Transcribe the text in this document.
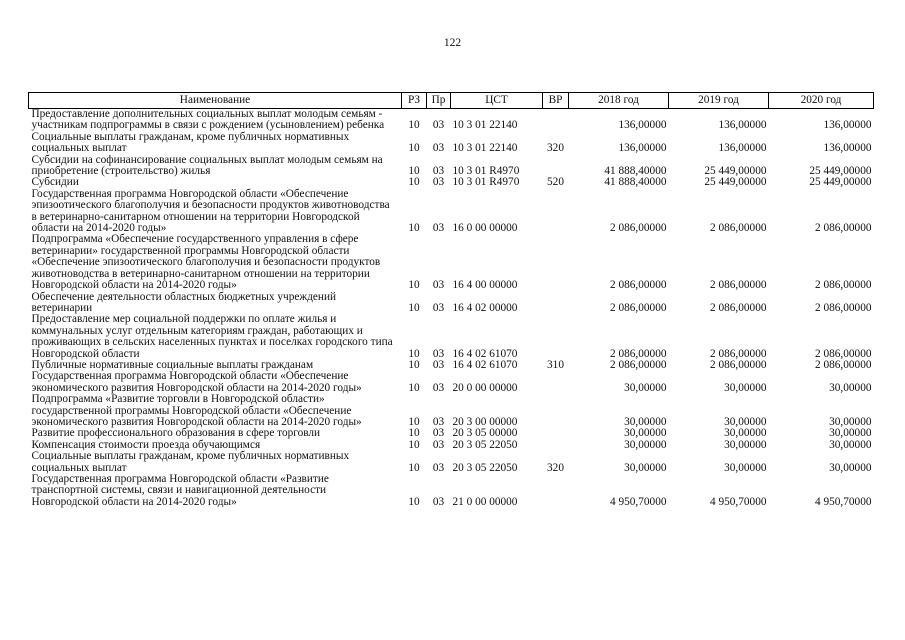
122
Наименование	РЗ	Пр	ЦСТ	ВР	2018 год	2019 год	2020 год
Предоставление дополнительных социальных выплат молодым семьям - участникам подпрограммы в связи с рождением (усыновлением) ребенка	10	03	10 3 01 22140		136,00000	136,00000	136,00000
Социальные выплаты гражданам, кроме публичных нормативных социальных выплат	10	03	10 3 01 22140	320	136,00000	136,00000	136,00000
Субсидии на софинансирование социальных выплат молодым семьям на приобретение (строительство) жилья	10	03	10 3 01 R4970		41 888,40000	25 449,00000	25 449,00000
Субсидии	10	03	10 3 01 R4970	520	41 888,40000	25 449,00000	25 449,00000
Государственная программа Новгородской области «Обеспечение эпизоотического благополучия и безопасности продуктов животноводства в ветеринарно-санитарном отношении на территории Новгородской области на 2014-2020 годы»	10	03	16 0 00 00000		2 086,00000	2 086,00000	2 086,00000
Подпрограмма «Обеспечение государственного управления в сфере ветеринарии» государственной программы Новгородской области «Обеспечение эпизоотического благополучия и безопасности продуктов животноводства в ветеринарно-санитарном отношении на территории Новгородской области на 2014-2020 годы»	10	03	16 4 00 00000		2 086,00000	2 086,00000	2 086,00000
Обеспечение деятельности областных бюджетных учреждений ветеринарии	10	03	16 4 02 00000		2 086,00000	2 086,00000	2 086,00000
Предоставление мер социальной поддержки по оплате жилья и коммунальных услуг отдельным категориям граждан, работающих и проживающих в сельских населенных пунктах и поселках городского типа Новгородской области	10	03	16 4 02 61070		2 086,00000	2 086,00000	2 086,00000
Публичные нормативные социальные выплаты гражданам	10	03	16 4 02 61070	310	2 086,00000	2 086,00000	2 086,00000
Государственная программа Новгородской области «Обеспечение экономического развития Новгородской области на 2014-2020 годы»	10	03	20 0 00 00000		30,00000	30,00000	30,00000
Подпрограмма «Развитие торговли в Новгородской области» государственной программы Новгородской области «Обеспечение экономического развития Новгородской области на 2014-2020 годы»	10	03	20 3 00 00000		30,00000	30,00000	30,00000
Развитие профессионального образования в сфере торговли	10	03	20 3 05 00000		30,00000	30,00000	30,00000
Компенсация стоимости проезда обучающимся	10	03	20 3 05 22050		30,00000	30,00000	30,00000
Социальные выплаты гражданам, кроме публичных нормативных социальных выплат	10	03	20 3 05 22050	320	30,00000	30,00000	30,00000
Государственная программа Новгородской области «Развитие транспортной системы, связи и навигационной деятельности Новгородской области на 2014-2020 годы»	10	03	21 0 00 00000		4 950,70000	4 950,70000	4 950,70000
